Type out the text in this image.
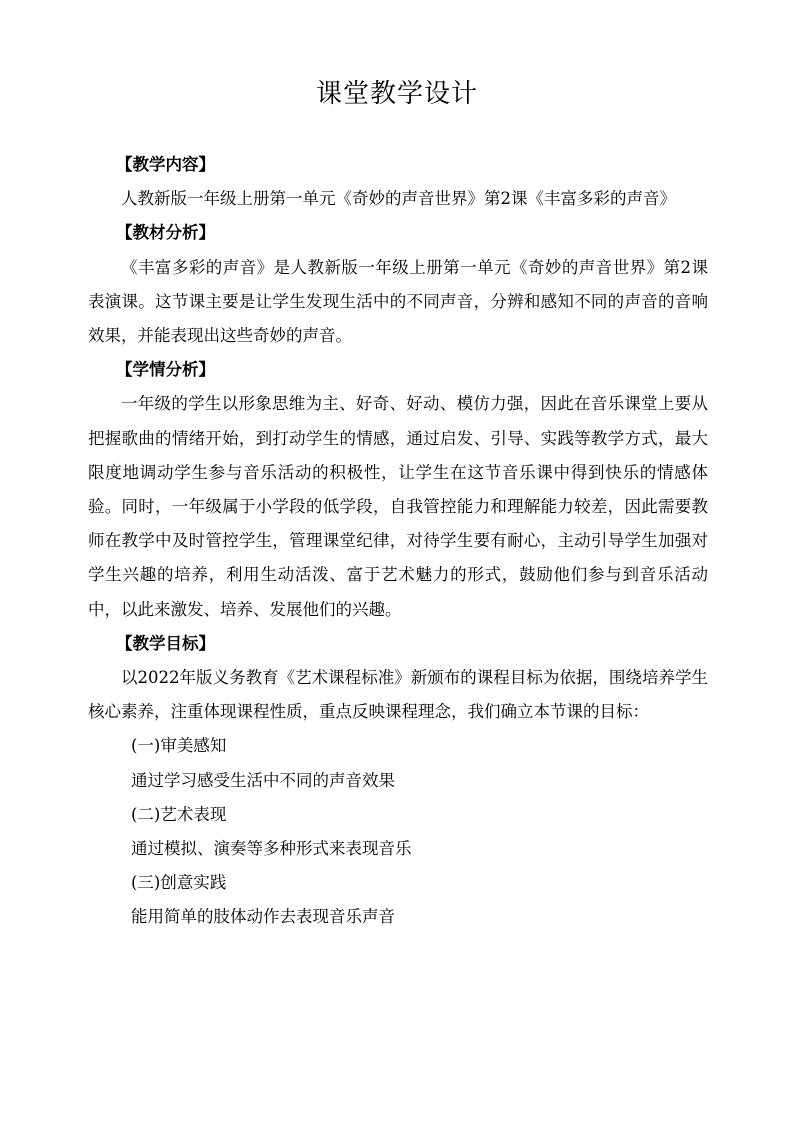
课堂教学设计
【教学内容】
人教新版一年级上册第一单元《奇妙的声音世界》第2课《丰富多彩的声音》
【教材分析】
《丰富多彩的声音》是人教新版一年级上册第一单元《奇妙的声音世界》第2课表演课。这节课主要是让学生发现生活中的不同声音，分辨和感知不同的声音的音响效果，并能表现出这些奇妙的声音。
【学情分析】
一年级的学生以形象思维为主、好奇、好动、模仿力强，因此在音乐课堂上要从把握歌曲的情绪开始，到打动学生的情感，通过启发、引导、实践等教学方式，最大限度地调动学生参与音乐活动的积极性，让学生在这节音乐课中得到快乐的情感体验。同时，一年级属于小学段的低学段，自我管控能力和理解能力较差，因此需要教师在教学中及时管控学生，管理课堂纪律，对待学生要有耐心，主动引导学生加强对学生兴趣的培养，利用生动活泼、富于艺术魅力的形式，鼓励他们参与到音乐活动中，以此来激发、培养、发展他们的兴趣。
【教学目标】
以2022年版义务教育《艺术课程标准》新颁布的课程目标为依据，围绕培养学生核心素养，注重体现课程性质，重点反映课程理念，我们确立本节课的目标：
(一)审美感知
通过学习感受生活中不同的声音效果
(二)艺术表现
通过模拟、演奏等多种形式来表现音乐
(三)创意实践
能用简单的肢体动作去表现音乐声音
